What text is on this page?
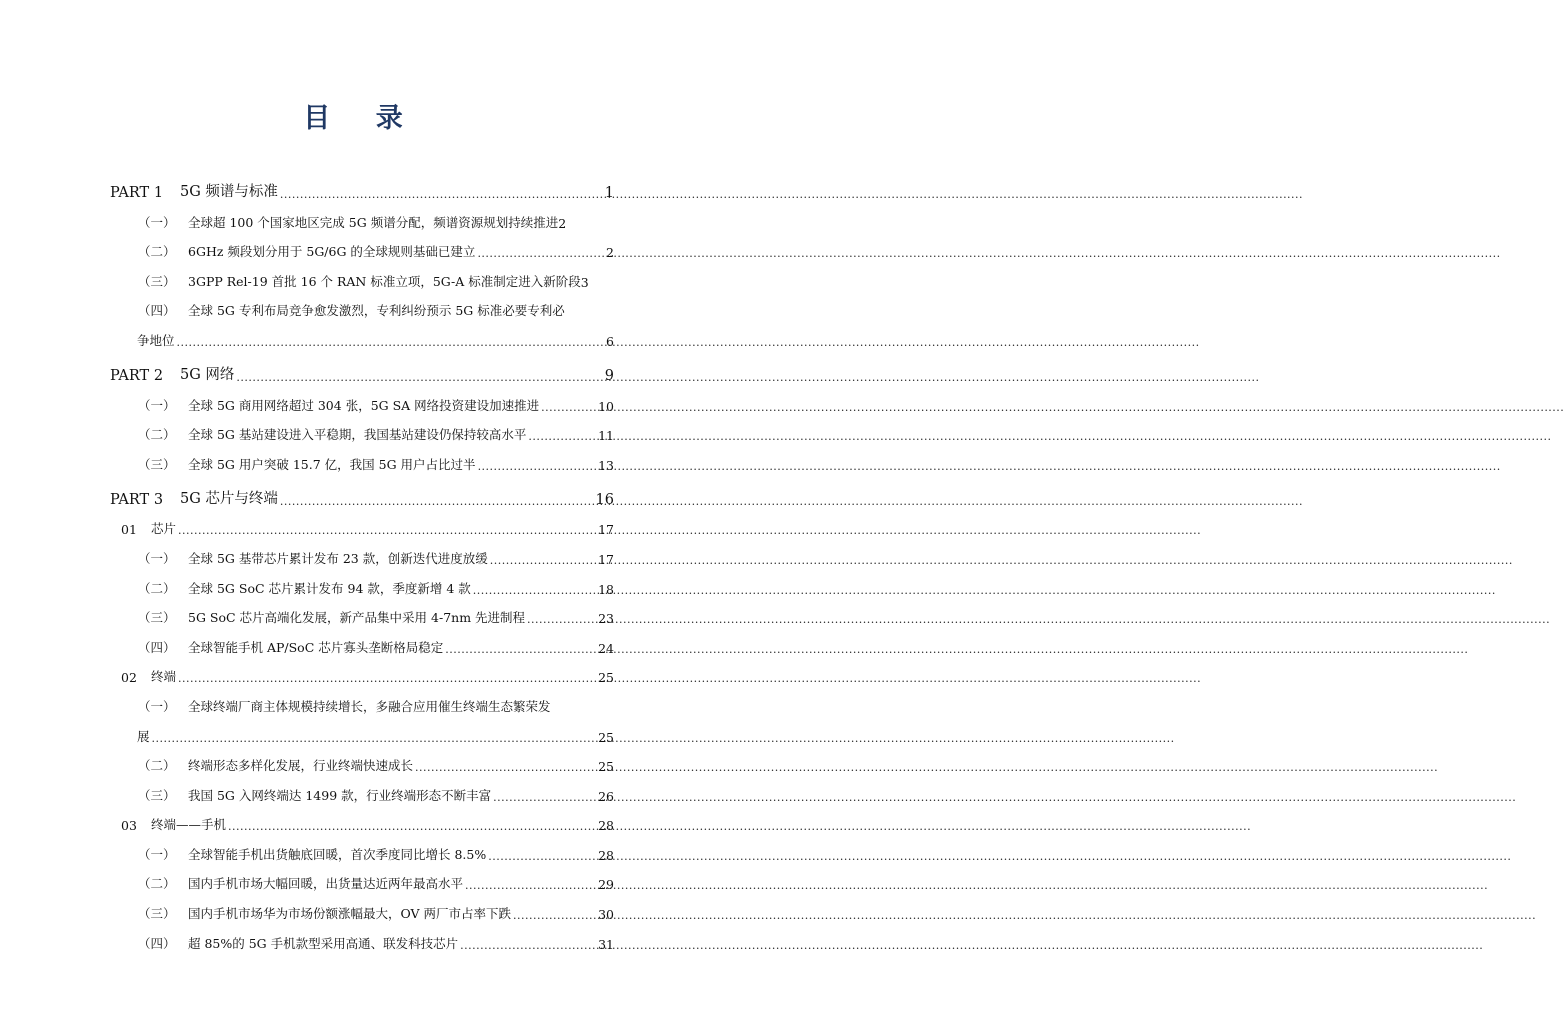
目 录
PART 1	5G 频谱与标准 .....	1
（一） 全球超 100 个国家地区完成 5G 频谱分配，频谱资源规划持续推进 2
（二） 6GHz 频段划分用于 5G/6G 的全球规则基础已建立 .....	2
（三） 3GPP Rel-19 首批 16 个 RAN 标准立项，5G-A 标准制定进入新阶段 3
（四） 全球 5G 专利布局竞争愈发激烈，专利纠纷预示 5G 标准必要专利必
争地位 .....	6
PART 2	5G 网络 .....	9
（一） 全球 5G 商用网络超过 304 张，5G SA 网络投资建设加速推进 .....	10
（二） 全球 5G 基站建设进入平稳期，我国基站建设仍保持较高水平 .....	11
（三） 全球 5G 用户突破 15.7 亿，我国 5G 用户占比过半 .....	13
PART 3	5G 芯片与终端 .....	16
01	芯片 .....	17
（一） 全球 5G 基带芯片累计发布 23 款，创新迭代进度放缓 .....	17
（二） 全球 5G SoC 芯片累计发布 94 款，季度新增 4 款 .....	18
（三） 5G SoC 芯片高端化发展，新产品集中采用 4-7nm 先进制程 .....	23
（四） 全球智能手机 AP/SoC 芯片寡头垄断格局稳定 .....	24
02	终端 .....	25
（一） 全球终端厂商主体规模持续增长，多融合应用催生终端生态繁荣发
展 .....	25
（二） 终端形态多样化发展，行业终端快速成长 .....	25
（三） 我国 5G 入网终端达 1499 款，行业终端形态不断丰富 .....	26
03	终端——手机 .....	28
（一） 全球智能手机出货触底回暖，首次季度同比增长 8.5% .....	28
（二） 国内手机市场大幅回暖，出货量达近两年最高水平 .....	29
（三） 国内手机市场华为市场份额涨幅最大，OV 两厂市占率下跌 .....	30
（四） 超 85%的 5G 手机款型采用高通、联发科技芯片 .....	31
